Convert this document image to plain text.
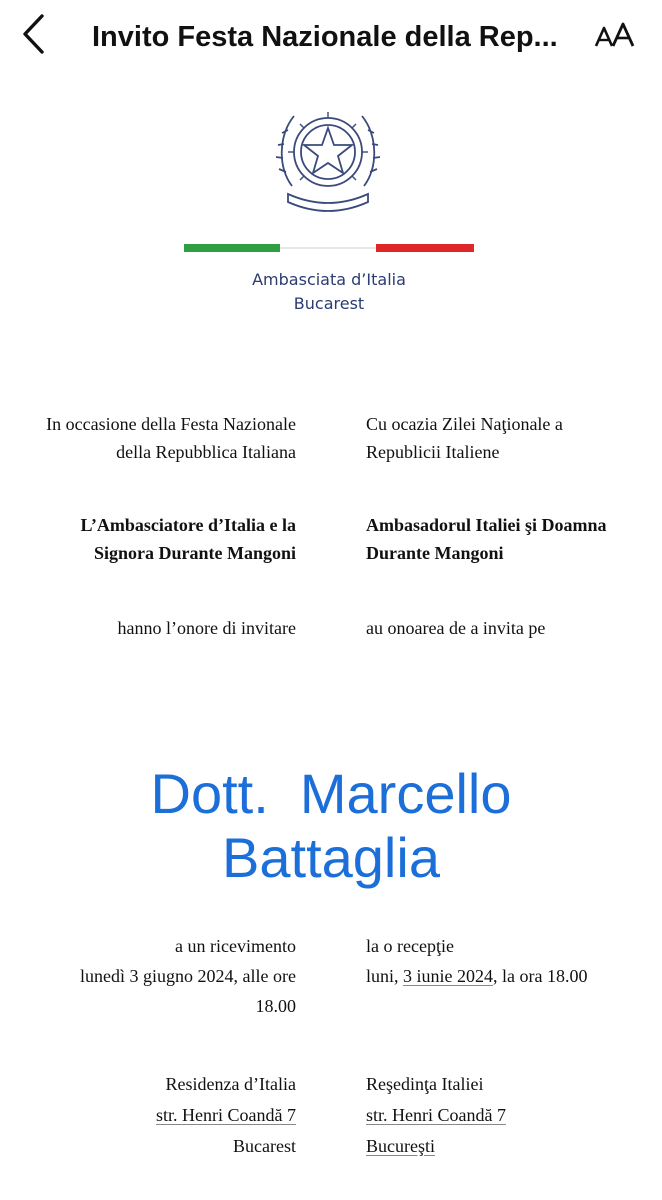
Invito Festa Nazionale della Rep...
Ambasciata d’Italia
Bucarest
In occasione della Festa Nazionale
della Repubblica Italiana
Cu ocazia Zilei Naţionale a
Republicii Italiene
L’Ambasciatore d’Italia e la
Signora Durante Mangoni
Ambasadorul Italiei şi Doamna
Durante Mangoni
hanno l’onore di invitare	au onoarea de a invita pe
Dott.  Marcello
Battaglia
a un ricevimento
lunedì 3 giugno 2024, alle ore
18.00
la o recepţie
luni, 3 iunie 2024, la ora 18.00
Residenza d’Italia
str. Henri Coandă 7
Bucarest
Reşedinţa Italiei
str. Henri Coandă 7
Bucureşti
